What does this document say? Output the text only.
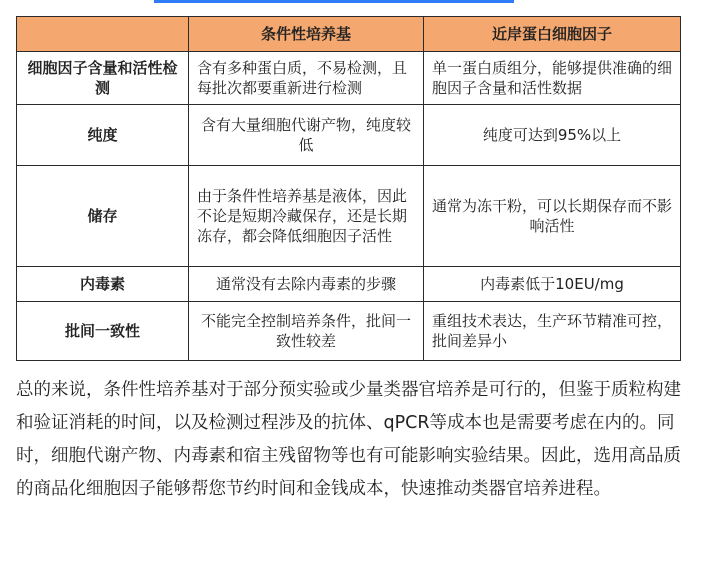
	条件性培养基	近岸蛋白细胞因子
细胞因子含量和活性检测	含有多种蛋白质，不易检测，且每批次都要重新进行检测	单一蛋白质组分，能够提供准确的细胞因子含量和活性数据
纯度	含有大量细胞代谢产物，纯度较低	纯度可达到95%以上
储存	由于条件性培养基是液体，因此不论是短期冷藏保存，还是长期冻存，都会降低细胞因子活性	通常为冻干粉，可以长期保存而不影响活性
内毒素	通常没有去除内毒素的步骤	内毒素低于10EU/mg
批间一致性	不能完全控制培养条件，批间一致性较差	重组技术表达，生产环节精准可控，批间差异小

总的来说，条件性培养基对于部分预实验或少量类器官培养是可行的，但鉴于质粒构建和验证消耗的时间，以及检测过程涉及的抗体、qPCR等成本也是需要考虑在内的。同时，细胞代谢产物、内毒素和宿主残留物等也有可能影响实验结果。因此，选用高品质的商品化细胞因子能够帮您节约时间和金钱成本，快速推动类器官培养进程。
